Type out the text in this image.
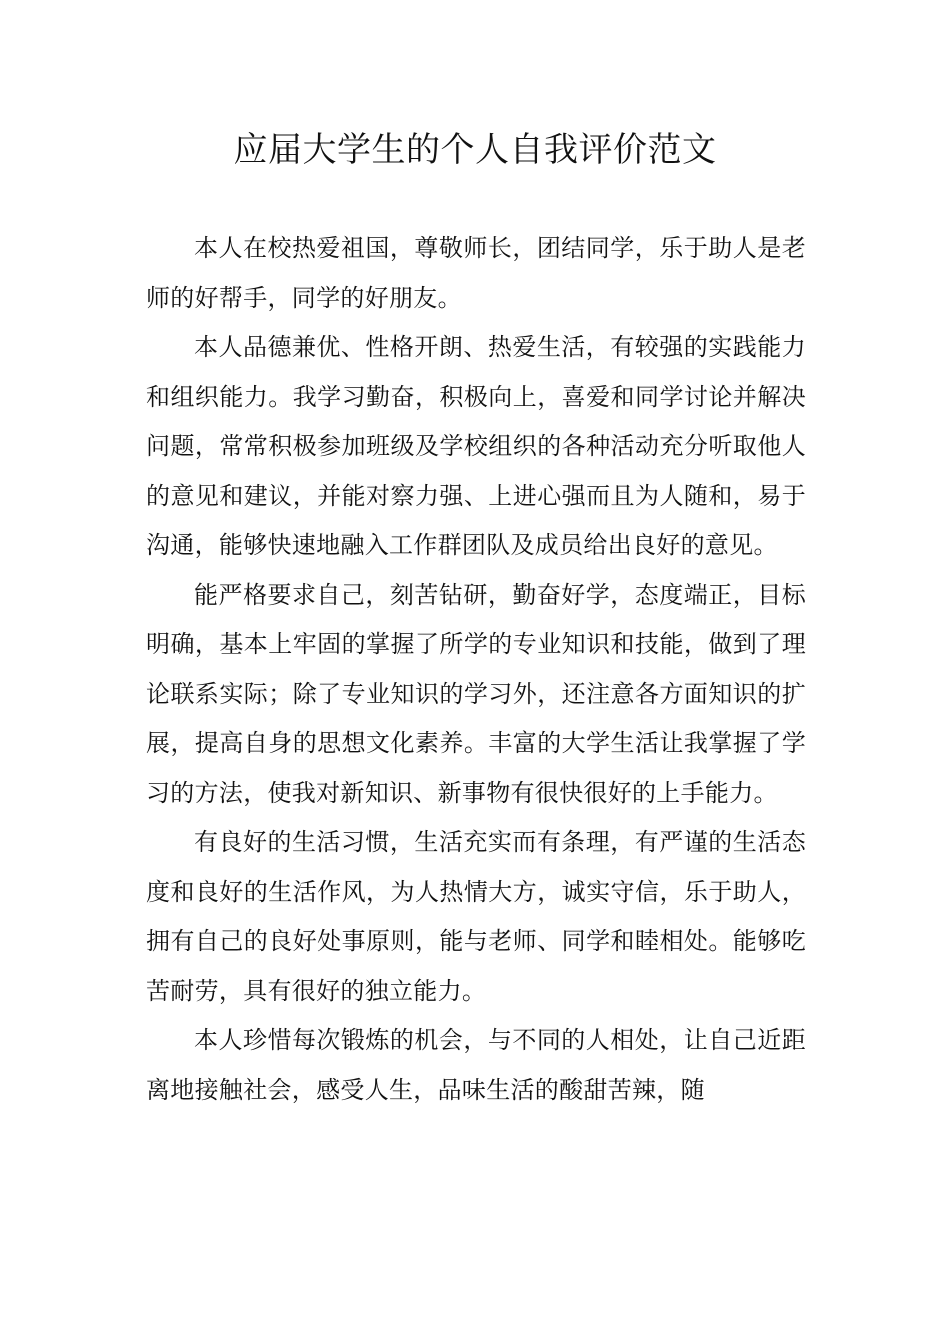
应届大学生的个人自我评价范文

本人在校热爱祖国，尊敬师长，团结同学，乐于助人是老师的好帮手，同学的好朋友。

本人品德兼优、性格开朗、热爱生活，有较强的实践能力和组织能力。我学习勤奋，积极向上，喜爱和同学讨论并解决问题，常常积极参加班级及学校组织的各种活动充分听取他人的意见和建议，并能对察力强、上进心强而且为人随和，易于沟通，能够快速地融入工作群团队及成员给出良好的意见。

能严格要求自己，刻苦钻研，勤奋好学，态度端正，目标明确，基本上牢固的掌握了所学的专业知识和技能，做到了理论联系实际；除了专业知识的学习外，还注意各方面知识的扩展，提高自身的思想文化素养。丰富的大学生活让我掌握了学习的方法，使我对新知识、新事物有很快很好的上手能力。

有良好的生活习惯，生活充实而有条理，有严谨的生活态度和良好的生活作风，为人热情大方，诚实守信，乐于助人，拥有自己的良好处事原则，能与老师、同学和睦相处。能够吃苦耐劳，具有很好的独立能力。

本人珍惜每次锻炼的机会，与不同的人相处，让自己近距离地接触社会，感受人生，品味生活的酸甜苦辣，随
